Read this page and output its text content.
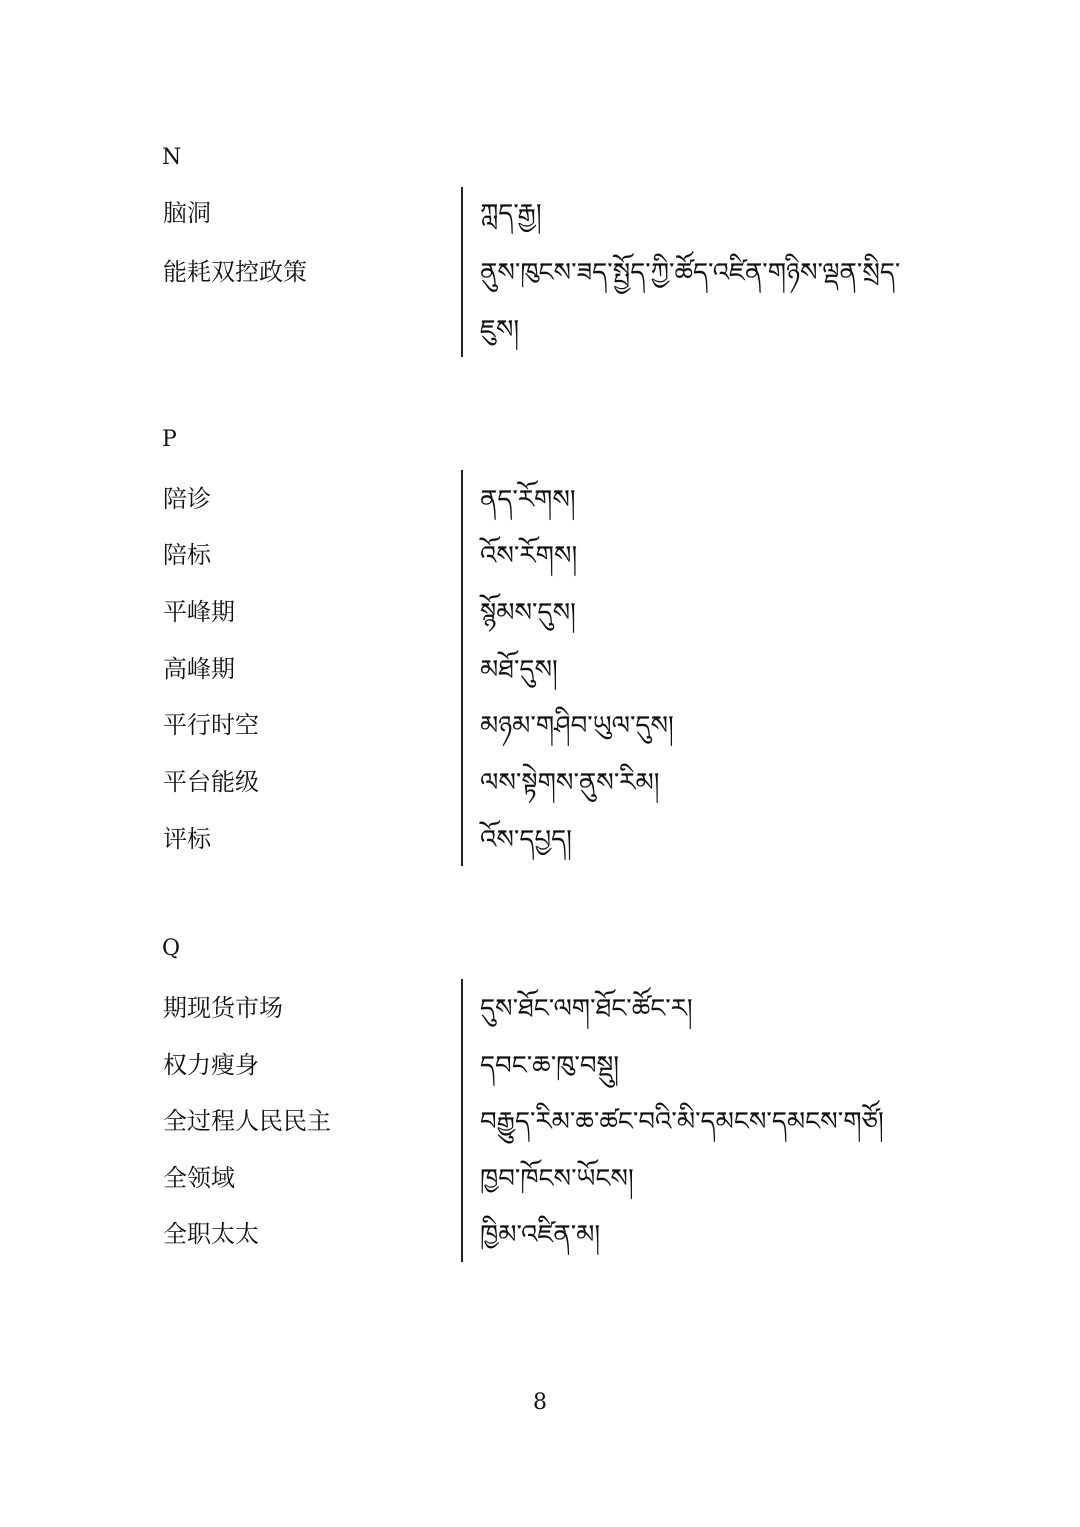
N
脑洞	ཀླད་རྒྱ།
能耗双控政策	ནུས་ཁུངས་ཟད་སྤྱོད་ཀྱི་ཚོད་འཛིན་གཉིས་ལྡན་སྲིད་
ཇུས།
P
陪诊	ནད་རོགས།
陪标	འོས་རོགས།
平峰期	སྙོམས་དུས།
高峰期	མཐོ་དུས།
平行时空	མཉམ་གཤིབ་ཡུལ་དུས།
平台能级	ལས་སྟེགས་ནུས་རིམ།
评标	འོས་དཔྱད།
Q
期现货市场	དུས་ཐོང་ལག་ཐོང་ཚོང་ར།
权力瘦身	དབང་ཆ་ཁུ་བསྡུ།
全过程人民民主	བརྒྱུད་རིམ་ཆ་ཚང་བའི་མི་དམངས་དམངས་གཙོ།
全领域	ཁྱབ་ཁོངས་ཡོངས།
全职太太	ཁྱིམ་འཛིན་མ།
8
